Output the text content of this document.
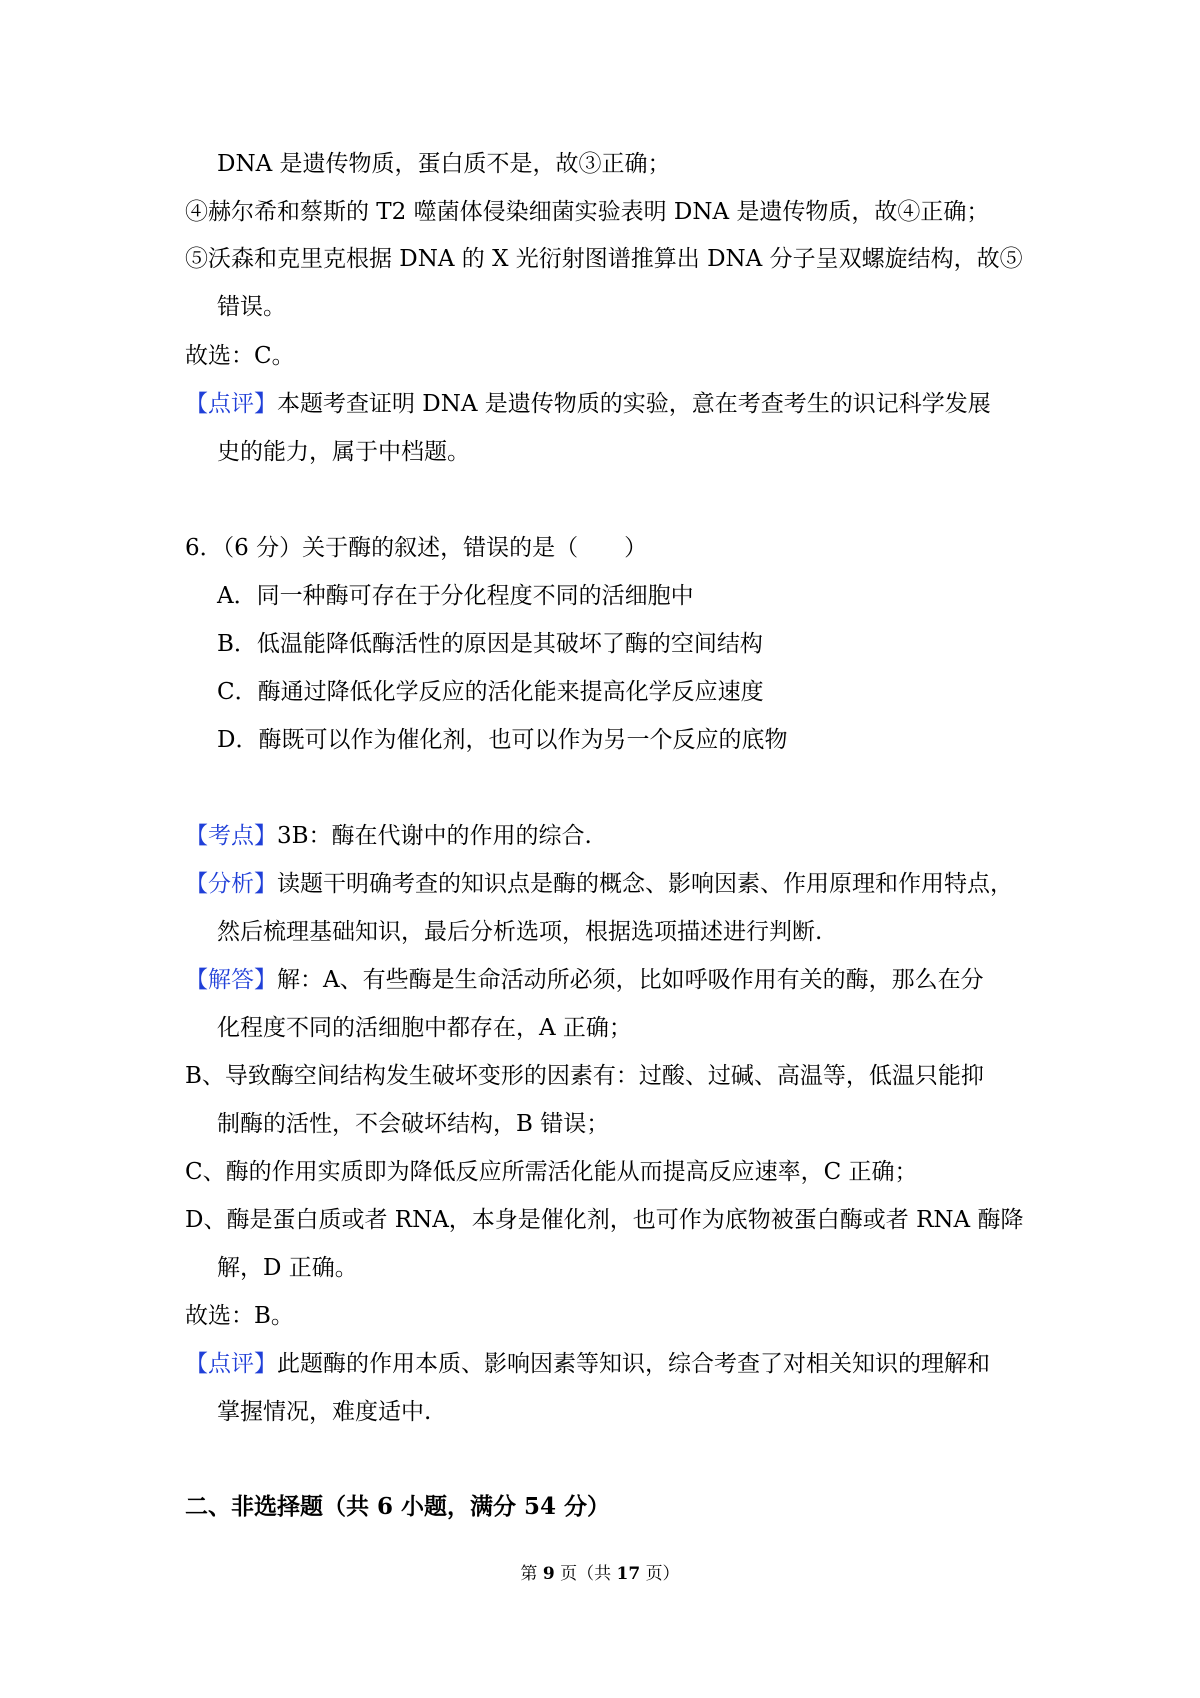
DNA 是遗传物质，蛋白质不是，故③正确；
④赫尔希和蔡斯的 T2 噬菌体侵染细菌实验表明 DNA 是遗传物质，故④正确；
⑤沃森和克里克根据 DNA 的 X 光衍射图谱推算出 DNA 分子呈双螺旋结构，故⑤
错误。
故选：C。
【点评】本题考查证明 DNA 是遗传物质的实验，意在考查考生的识记科学发展
史的能力，属于中档题。
6．（6 分）关于酶的叙述，错误的是（　　）
A．同一种酶可存在于分化程度不同的活细胞中
B．低温能降低酶活性的原因是其破坏了酶的空间结构
C．酶通过降低化学反应的活化能来提高化学反应速度
D．酶既可以作为催化剂，也可以作为另一个反应的底物
【考点】3B：酶在代谢中的作用的综合.
【分析】读题干明确考查的知识点是酶的概念、影响因素、作用原理和作用特点，
然后梳理基础知识，最后分析选项，根据选项描述进行判断.
【解答】解：A、有些酶是生命活动所必须，比如呼吸作用有关的酶，那么在分
化程度不同的活细胞中都存在，A 正确；
B、导致酶空间结构发生破坏变形的因素有：过酸、过碱、高温等，低温只能抑
制酶的活性，不会破坏结构，B 错误；
C、酶的作用实质即为降低反应所需活化能从而提高反应速率，C 正确；
D、酶是蛋白质或者 RNA，本身是催化剂，也可作为底物被蛋白酶或者 RNA 酶降
解，D 正确。
故选：B。
【点评】此题酶的作用本质、影响因素等知识，综合考查了对相关知识的理解和
掌握情况，难度适中.
二、非选择题（共 6 小题，满分 54 分）
第 9 页（共 17 页）
